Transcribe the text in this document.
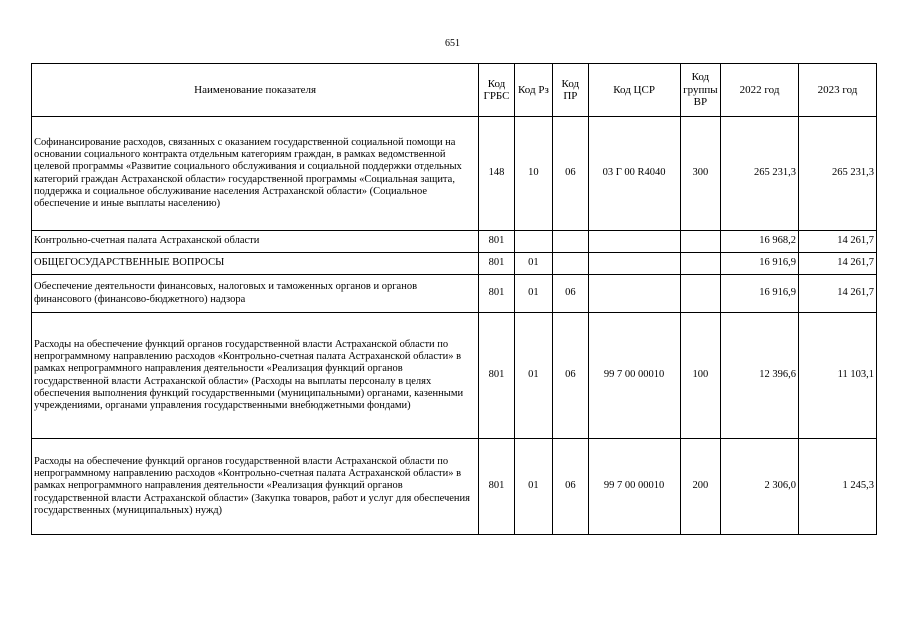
651
Наименование показателя	Код ГРБС	Код Рз	Код ПР	Код ЦСР	Код группы ВР	2022 год	2023 год
Софинансирование расходов, связанных с оказанием государственной социальной помощи на основании социального контракта отдельным категориям граждан, в рамках ведомственной целевой программы «Развитие социального обслуживания и социальной поддержки отдельных категорий граждан Астраханской области» государственной программы «Социальная защита, поддержка и социальное обслуживание населения Астраханской области» (Социальное обеспечение и иные выплаты населению)	148	10	06	03 Г 00 R4040	300	265 231,3	265 231,3
Контрольно-счетная палата Астраханской области	801					16 968,2	14 261,7
ОБЩЕГОСУДАРСТВЕННЫЕ ВОПРОСЫ	801	01				16 916,9	14 261,7
Обеспечение деятельности финансовых, налоговых и таможенных органов и органов финансового (финансово-бюджетного) надзора	801	01	06			16 916,9	14 261,7
Расходы на обеспечение функций органов государственной власти Астраханской области по непрограммному направлению расходов «Контрольно-счетная палата Астраханской области» в рамках непрограммного направления деятельности «Реализация функций органов государственной власти Астраханской области» (Расходы на выплаты персоналу в целях обеспечения выполнения функций государственными (муниципальными) органами, казенными учреждениями, органами управления государственными внебюджетными фондами)	801	01	06	99 7 00 00010	100	12 396,6	11 103,1
Расходы на обеспечение функций органов государственной власти Астраханской области по непрограммному направлению расходов «Контрольно-счетная палата Астраханской области» в рамках непрограммного направления деятельности «Реализация функций органов государственной власти Астраханской области» (Закупка товаров, работ и услуг для обеспечения государственных (муниципальных) нужд)	801	01	06	99 7 00 00010	200	2 306,0	1 245,3
